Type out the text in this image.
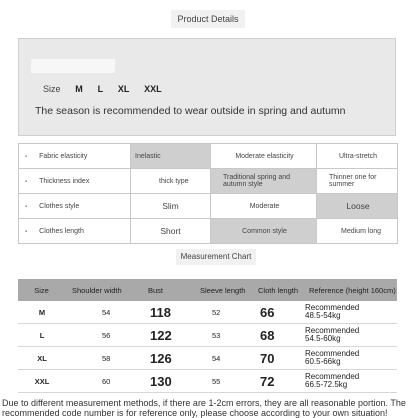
Product Details
Size M L XL XXL
The season is recommended to wear outside in spring and autumn
▪ Fabric elasticity	Inelastic	Moderate elasticity	Ultra-stretch
▪ Thickness index	thick type	Traditional spring and autumn style	Thinner one for summer
▪ Clothes style	Slim	Moderate	Loose
▪ Clothes length	Short	Common style	Medium long
Measurement Chart
Size	Shoulder width	Bust	Sleeve length	Cloth length	Reference (height 160cm)
M	54	118	52	66	Recommended
48.5-54kg
L	56	122	53	68	Recommended
54.5-60kg
XL	58	126	54	70	Recommended
60.5-66kg
XXL	60	130	55	72	Recommended
66.5-72.5kg
Due to different measurement methods, if there are 1-2cm errors, they are all reasonable portion. The recommended code number is for reference only, please choose according to your own situation!
